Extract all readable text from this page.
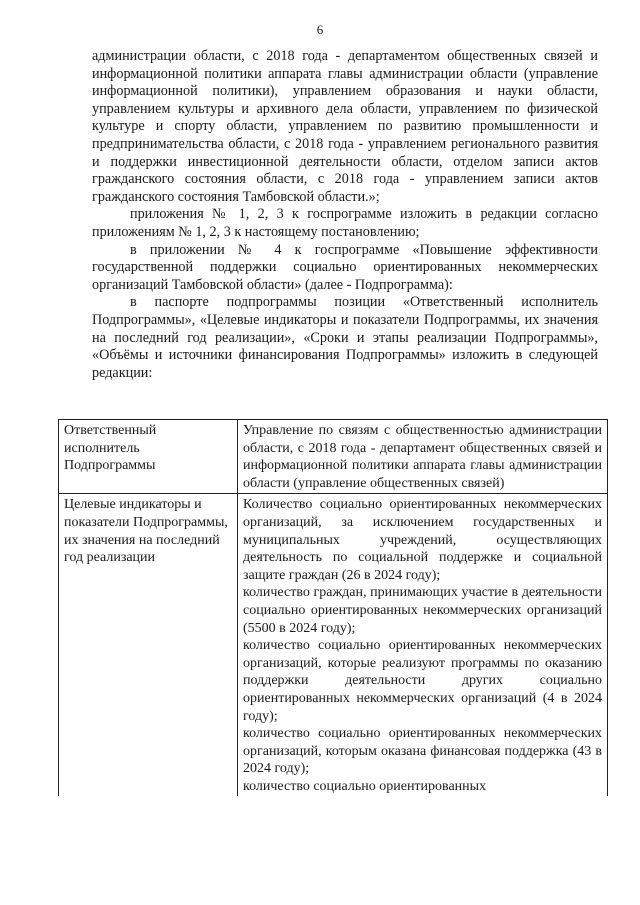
6

администрации области, с 2018 года - департаментом общественных связей и информационной политики аппарата главы администрации области (управление информационной политики), управлением образования и науки области, управлением культуры и архивного дела области, управлением по физической культуре и спорту области, управлением по развитию промышленности и предпринимательства области, с 2018 года - управлением регионального развития и поддержки инвестиционной деятельности области, отделом записи актов гражданского состояния области, с 2018 года - управлением записи актов гражданского состояния Тамбовской области.»;

приложения № 1, 2, 3 к госпрограмме изложить в редакции согласно приложениям № 1, 2, 3 к настоящему постановлению;

в приложении № 4 к госпрограмме «Повышение эффективности государственной поддержки социально ориентированных некоммерческих организаций Тамбовской области» (далее - Подпрограмма):

в паспорте подпрограммы позиции «Ответственный исполнитель Подпрограммы», «Целевые индикаторы и показатели Подпрограммы, их значения на последний год реализации», «Сроки и этапы реализации Подпрограммы», «Объёмы и источники финансирования Подпрограммы» изложить в следующей редакции:

Ответственный исполнитель Подпрограммы	Управление по связям с общественностью администрации области, с 2018 года - департамент общественных связей и информационной политики аппарата главы администрации области (управление общественных связей)
Целевые индикаторы и показатели Подпрограммы, их значения на последний год реализации	Количество социально ориентированных некоммерческих организаций, за исключением государственных и муниципальных учреждений, осуществляющих деятельность по социальной поддержке и социальной защите граждан (26 в 2024 году);

количество граждан, принимающих участие в деятельности социально ориентированных некоммерческих организаций (5500 в 2024 году);

количество социально ориентированных некоммерческих организаций, которые реализуют программы по оказанию поддержки деятельности других социально ориентированных некоммерческих организаций (4 в 2024 году);

количество социально ориентированных некоммерческих организаций, которым оказана финансовая поддержка (43 в 2024 году);

количество социально ориентированных
